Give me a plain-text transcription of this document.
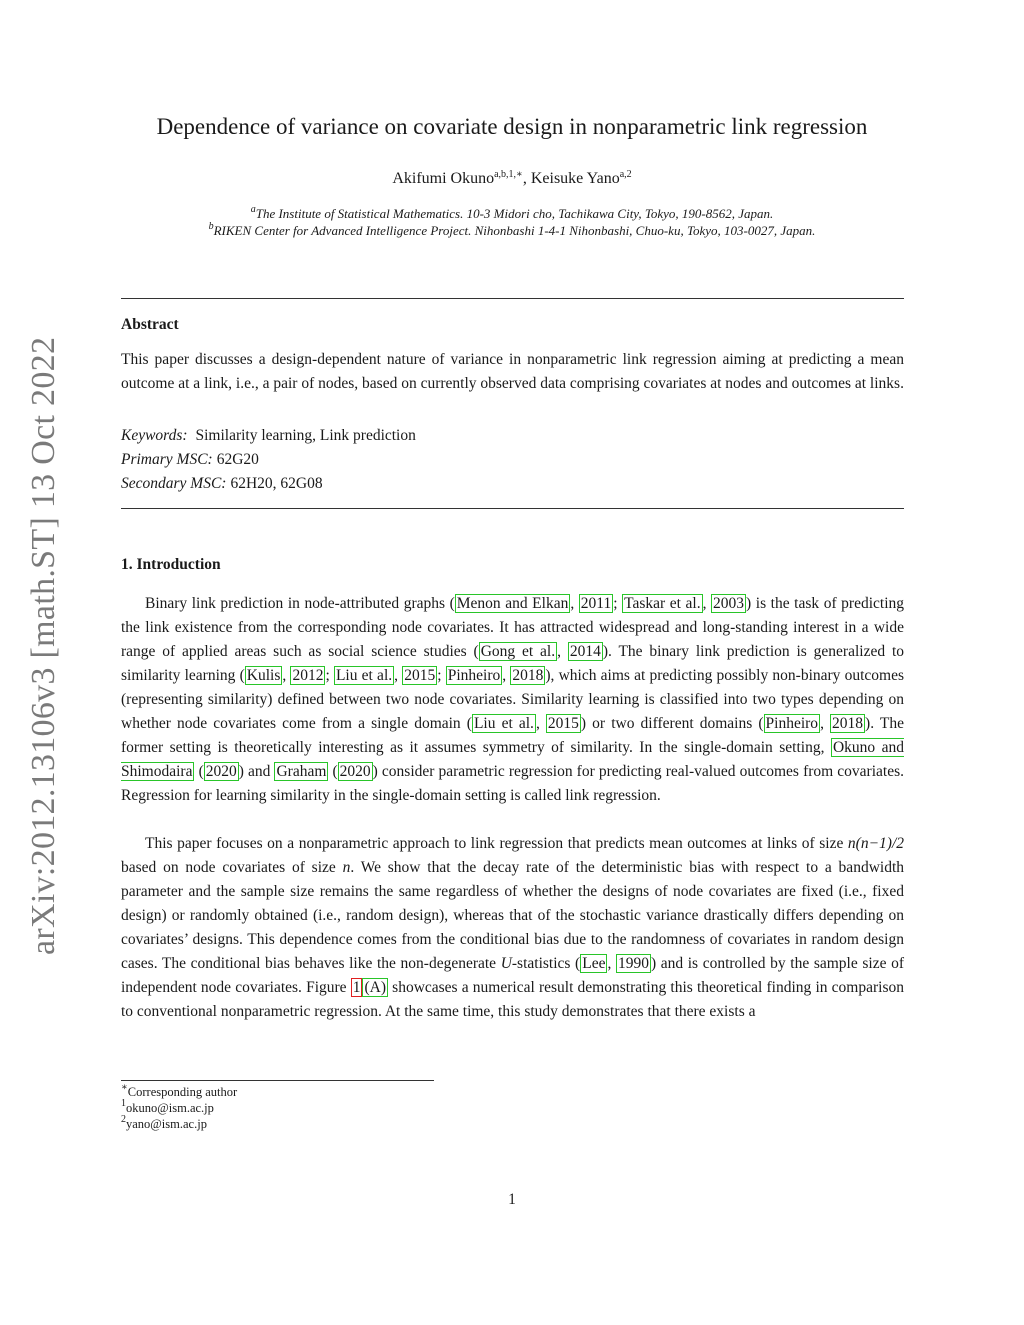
arXiv:2012.13106v3 [math.ST] 13 Oct 2022
Dependence of variance on covariate design in nonparametric link regression
Akifumi Okuno$^{a,b,1,∗}$, Keisuke Yano$^{a,2}$
$^a$The Institute of Statistical Mathematics. 10-3 Midori cho, Tachikawa City, Tokyo, 190-8562, Japan.
$^b$RIKEN Center for Advanced Intelligence Project. Nihonbashi 1-4-1 Nihonbashi, Chuo-ku, Tokyo, 103-0027, Japan.
Abstract
This paper discusses a design-dependent nature of variance in nonparametric link regression aiming at predicting a mean outcome at a link, i.e., a pair of nodes, based on currently observed data comprising covariates at nodes and outcomes at links.
Keywords: Similarity learning, Link prediction
Primary MSC: 62G20
Secondary MSC: 62H20, 62G08
1. Introduction
Binary link prediction in node-attributed graphs ( Menon and Elkan , 2011 ; Taskar et al. , 2003 ) is the task of predicting the link existence from the corresponding node covariates. It has attracted widespread and long-standing interest in a wide range of applied areas such as social science studies ( Gong et al. , 2014 ). The binary link prediction is generalized to similarity learning ( Kulis , 2012 ; Liu et al. , 2015 ; Pinheiro , 2018 ), which aims at predicting possibly non-binary outcomes (representing similarity) defined between two node covariates. Similarity learning is classified into two types depending on whether node covariates come from a single domain ( Liu et al. , 2015 ) or two different domains ( Pinheiro , 2018 ). The former setting is theoretically interesting as it assumes symmetry of similarity. In the single-domain setting, Okuno and Shimodaira ( 2020 ) and Graham ( 2020 ) consider parametric regression for predicting real-valued outcomes from covariates. Regression for learning similarity in the single-domain setting is called link regression.
This paper focuses on a nonparametric approach to link regression that predicts mean outcomes at links of size n(n−1)/2 based on node covariates of size n. We show that the decay rate of the deterministic bias with respect to a bandwidth parameter and the sample size remains the same regardless of whether the designs of node covariates are fixed (i.e., fixed design) or randomly obtained (i.e., random design), whereas that of the stochastic variance drastically differs depending on covariates’ designs. This dependence comes from the conditional bias due to the randomness of covariates in random design cases. The conditional bias behaves like the non-degenerate U-statistics ( Lee , 1990 ) and is controlled by the sample size of independent node covariates. Figure 1 (A) showcases a numerical result demonstrating this theoretical finding in comparison to conventional nonparametric regression. At the same time, this study demonstrates that there exists a
∗Corresponding author
$^1$okuno@ism.ac.jp
$^2$yano@ism.ac.jp
1
